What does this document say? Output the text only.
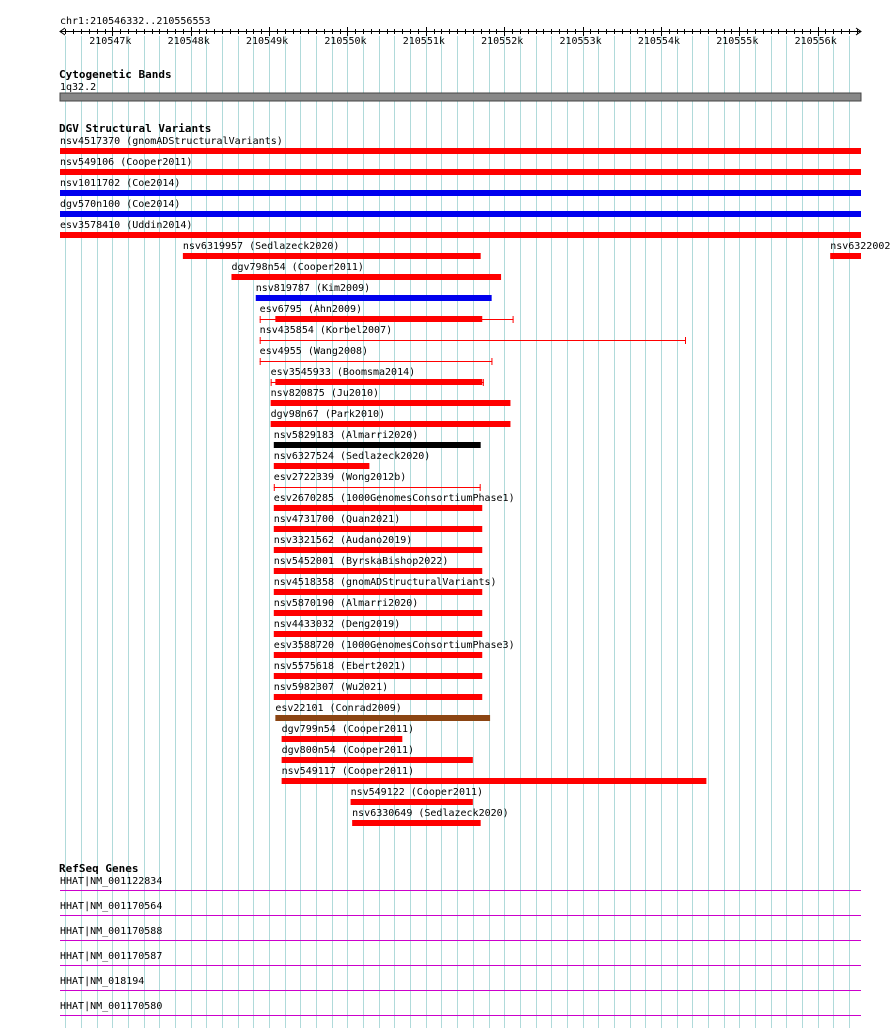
chr1:210546332..210556553
210547k	210548k	210549k	210550k	210551k	210552k	210553k	210554k	210555k	210556k
Cytogenetic Bands
1q32.2
DGV Structural Variants
nsv4517370 (gnomADStructuralVariants)
nsv549106 (Cooper2011)
nsv1011702 (Coe2014)
dgv570n100 (Coe2014)
esv3578410 (Uddin2014)
nsv6319957 (Sedlazeck2020)	nsv6322002
dgv798n54 (Cooper2011)
nsv819787 (Kim2009)
esv6795 (Ahn2009)
nsv435854 (Korbel2007)
esv4955 (Wang2008)
esv3545933 (Boomsma2014)
nsv820875 (Ju2010)
dgv98n67 (Park2010)
nsv5829183 (Almarri2020)
nsv6327524 (Sedlazeck2020)
esv2722339 (Wong2012b)
esv2670285 (1000GenomesConsortiumPhase1)
nsv4731700 (Quan2021)
nsv3321562 (Audano2019)
nsv5452001 (ByrskaBishop2022)
nsv4518358 (gnomADStructuralVariants)
nsv5870190 (Almarri2020)
nsv4433032 (Deng2019)
esv3588720 (1000GenomesConsortiumPhase3)
nsv5575618 (Ebert2021)
nsv5982307 (Wu2021)
esv22101 (Conrad2009)
dgv799n54 (Cooper2011)
dgv800n54 (Cooper2011)
nsv549117 (Cooper2011)
nsv549122 (Cooper2011)
nsv6330649 (Sedlazeck2020)
RefSeq Genes
HHAT|NM_001122834
HHAT|NM_001170564
HHAT|NM_001170588
HHAT|NM_001170587
HHAT|NM_018194
HHAT|NM_001170580
